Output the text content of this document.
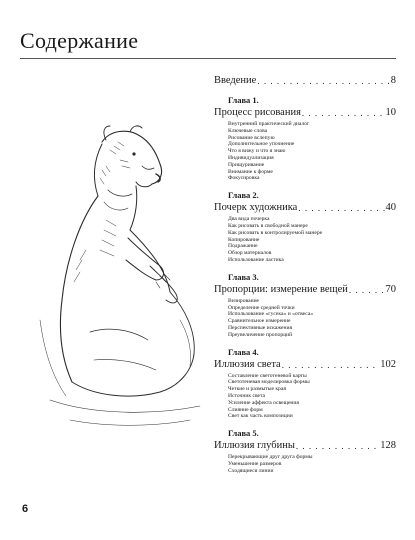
Содержание
Введение . . .	8
Глава 1.
Процесс рисования . . .	10
Внутренний практический диалог
Ключевые слова
Рисование вслепую
Дополнительное упочнение
Что я вижу и что я знаю
Индивидуализация
Прищуривание
Внимание к форме
Фокусировка
Глава 2.
Почерк художника . . .	40
Два вида почерка
Как рисовать в свободной манере
Как рисовать в контролируемой манере
Копирование
Подражание
Обзор материалов
Использование ластика
Глава 3.
Пропорции: измерение вещей . . .	70
Визирование
Определение средней точки
Использование «гусека» и «отвеса»
Сравнительное измерение
Перспективные искажения
Преувеличение пропорций
Глава 4.
Иллюзия света . . .	102
Составление светотеневой карты
Светотеневая моделировка формы
Четкие и размытые края
Источник света
Усиление аффекта освещения
Слияние форм
Свет как часть композиции
Глава 5.
Иллюзия глубины . . .	128
Перекрывающие друг друга формы
Уменьшение размеров
Сходящиеся линии
6
